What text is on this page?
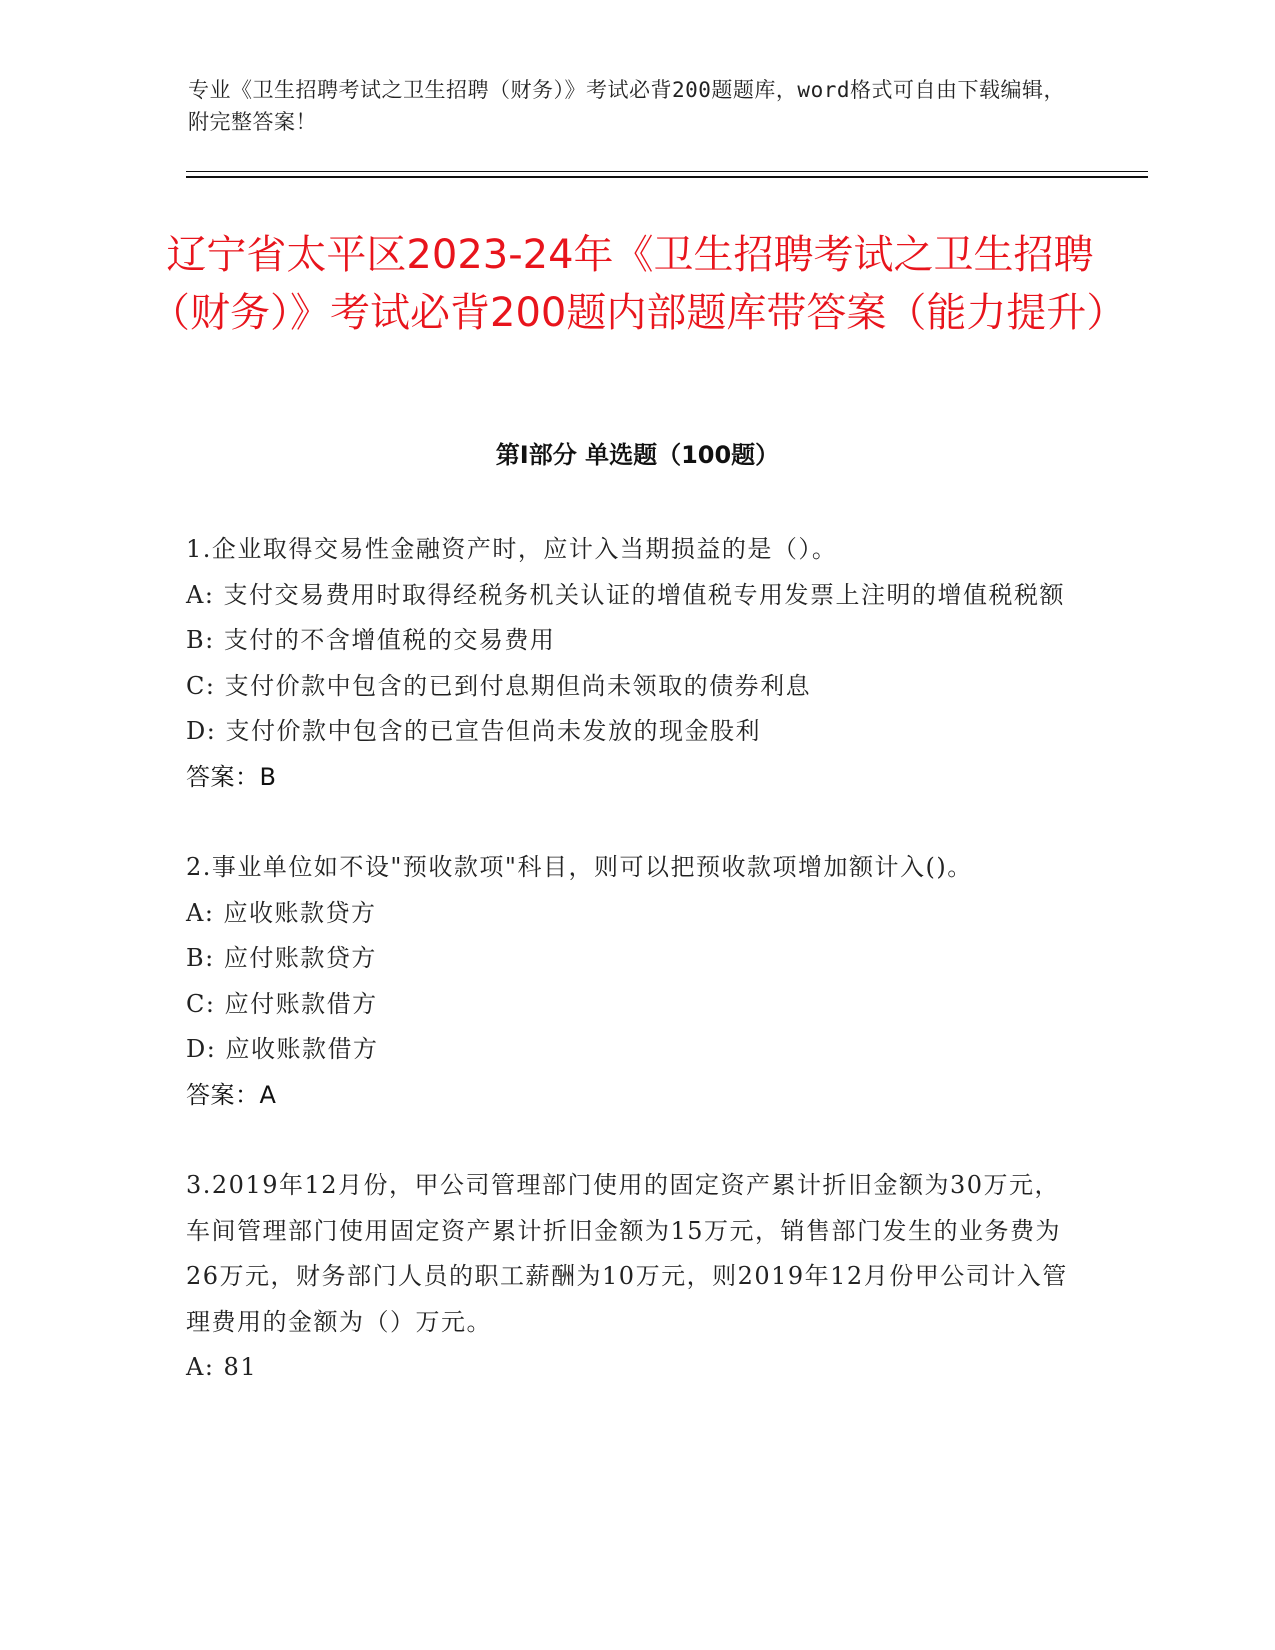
专业《卫生招聘考试之卫生招聘（财务）》考试必背200题题库，word格式可自由下载编辑，附完整答案！
辽宁省太平区2023-24年《卫生招聘考试之卫生招聘（财务）》考试必背200题内部题库带答案（能力提升）
第I部分 单选题（100题）

1.企业取得交易性金融资产时，应计入当期损益的是（）。

A: 支付交易费用时取得经税务机关认证的增值税专用发票上注明的增值税税额

B: 支付的不含增值税的交易费用

C: 支付价款中包含的已到付息期但尚未领取的债券利息

D: 支付价款中包含的已宣告但尚未发放的现金股利

答案：B

2.事业单位如不设"预收款项"科目，则可以把预收款项增加额计入()。

A: 应收账款贷方

B: 应付账款贷方

C: 应付账款借方

D: 应收账款借方

答案：A

3.2019年12月份，甲公司管理部门使用的固定资产累计折旧金额为30万元，车间管理部门使用固定资产累计折旧金额为15万元，销售部门发生的业务费为26万元，财务部门人员的职工薪酬为10万元，则2019年12月份甲公司计入管理费用的金额为（）万元。

A: 81
